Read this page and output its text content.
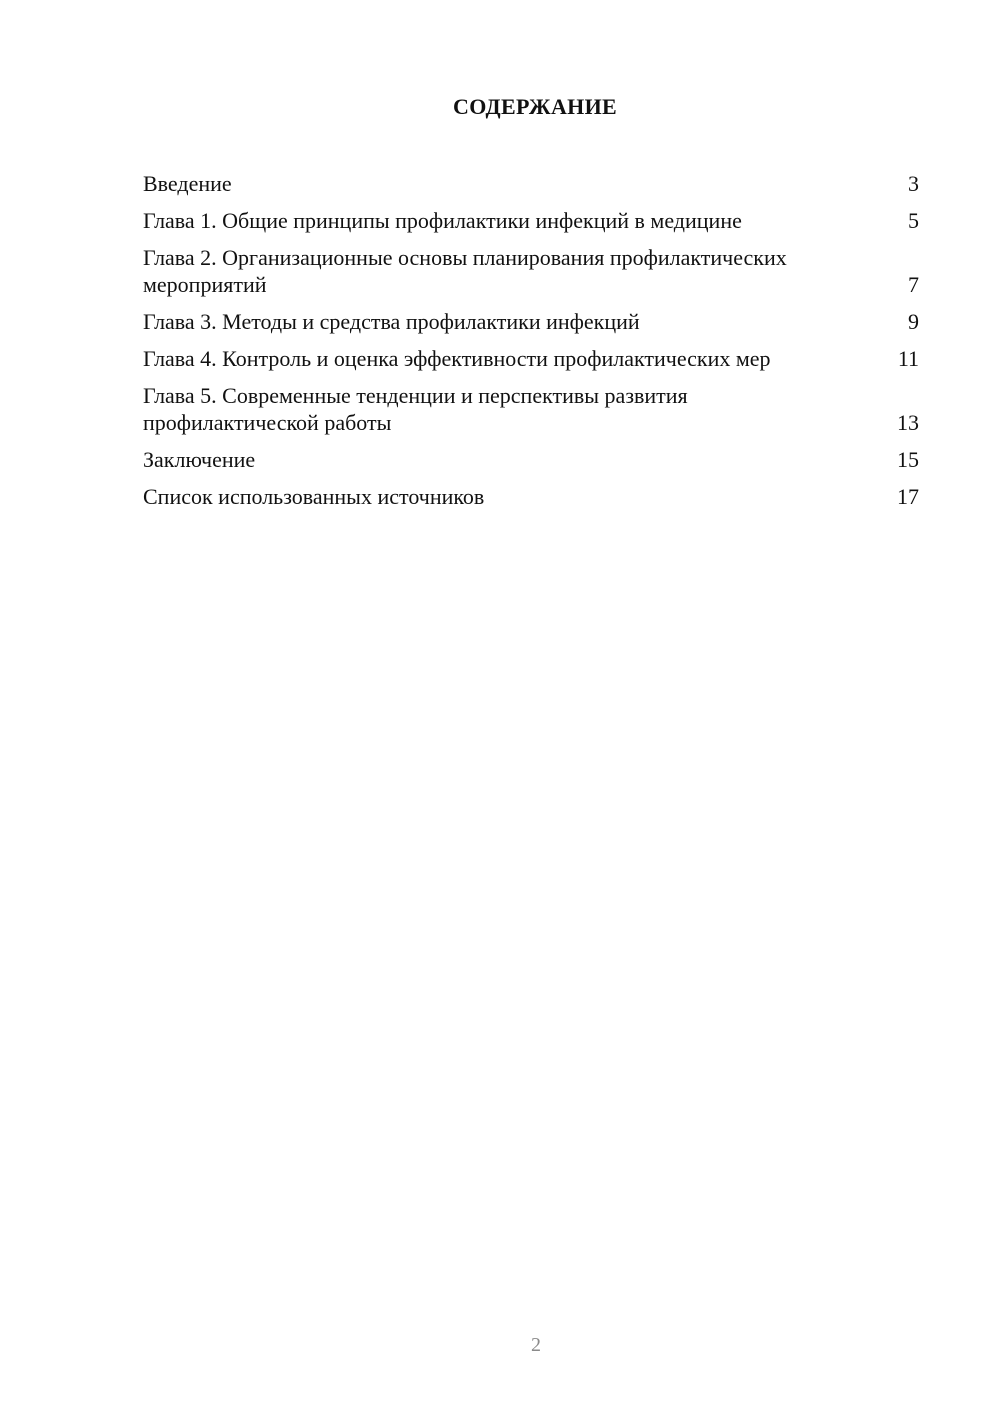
СОДЕРЖАНИЕ
Введение	3
Глава 1. Общие принципы профилактики инфекций в медицине	5
Глава 2. Организационные основы планирования профилактических мероприятий	7
Глава 3. Методы и средства профилактики инфекций	9
Глава 4. Контроль и оценка эффективности профилактических мер	11
Глава 5. Современные тенденции и перспективы развития профилактической работы	13
Заключение	15
Список использованных источников	17
2
